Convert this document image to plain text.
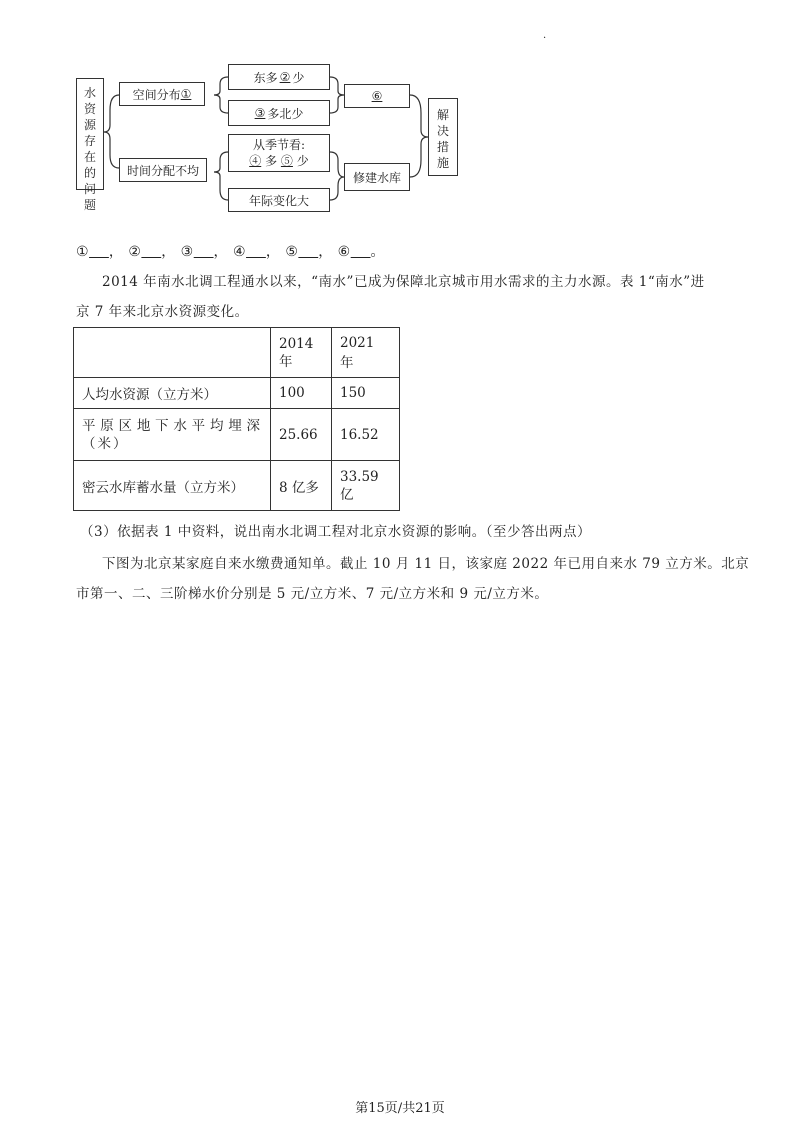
水
资
源
存
在
的
问
题
空间分布 ①
时间分配不均
东多 ② 少
③ 多北少
从季节看:
④ 多 ⑤ 少
年际变化大
⑥
修建水库
解
决
措
施
.
① ， ② ， ③ ， ④ ， ⑤ ， ⑥ 。
2014 年南水北调工程通水以来，“南水”已成为保障北京城市用水需求的主力水源。表 1“南水”进
京 7 年来北京水资源变化。
	2014 年	2021 年
人均水资源（立方米）	100	150
平原区地下水平均埋深（米）	25.66	16.52
密云水库蓄水量（立方米）	8 亿多	33.59 亿
（3）依据表 1 中资料，说出南水北调工程对北京水资源的影响。（至少答出两点）
下图为北京某家庭自来水缴费通知单。截止 10 月 11 日，该家庭 2022 年已用自来水 79 立方米。北京
市第一、二、三阶梯水价分别是 5 元/立方米、7 元/立方米和 9 元/立方米。
第15页/共21页
